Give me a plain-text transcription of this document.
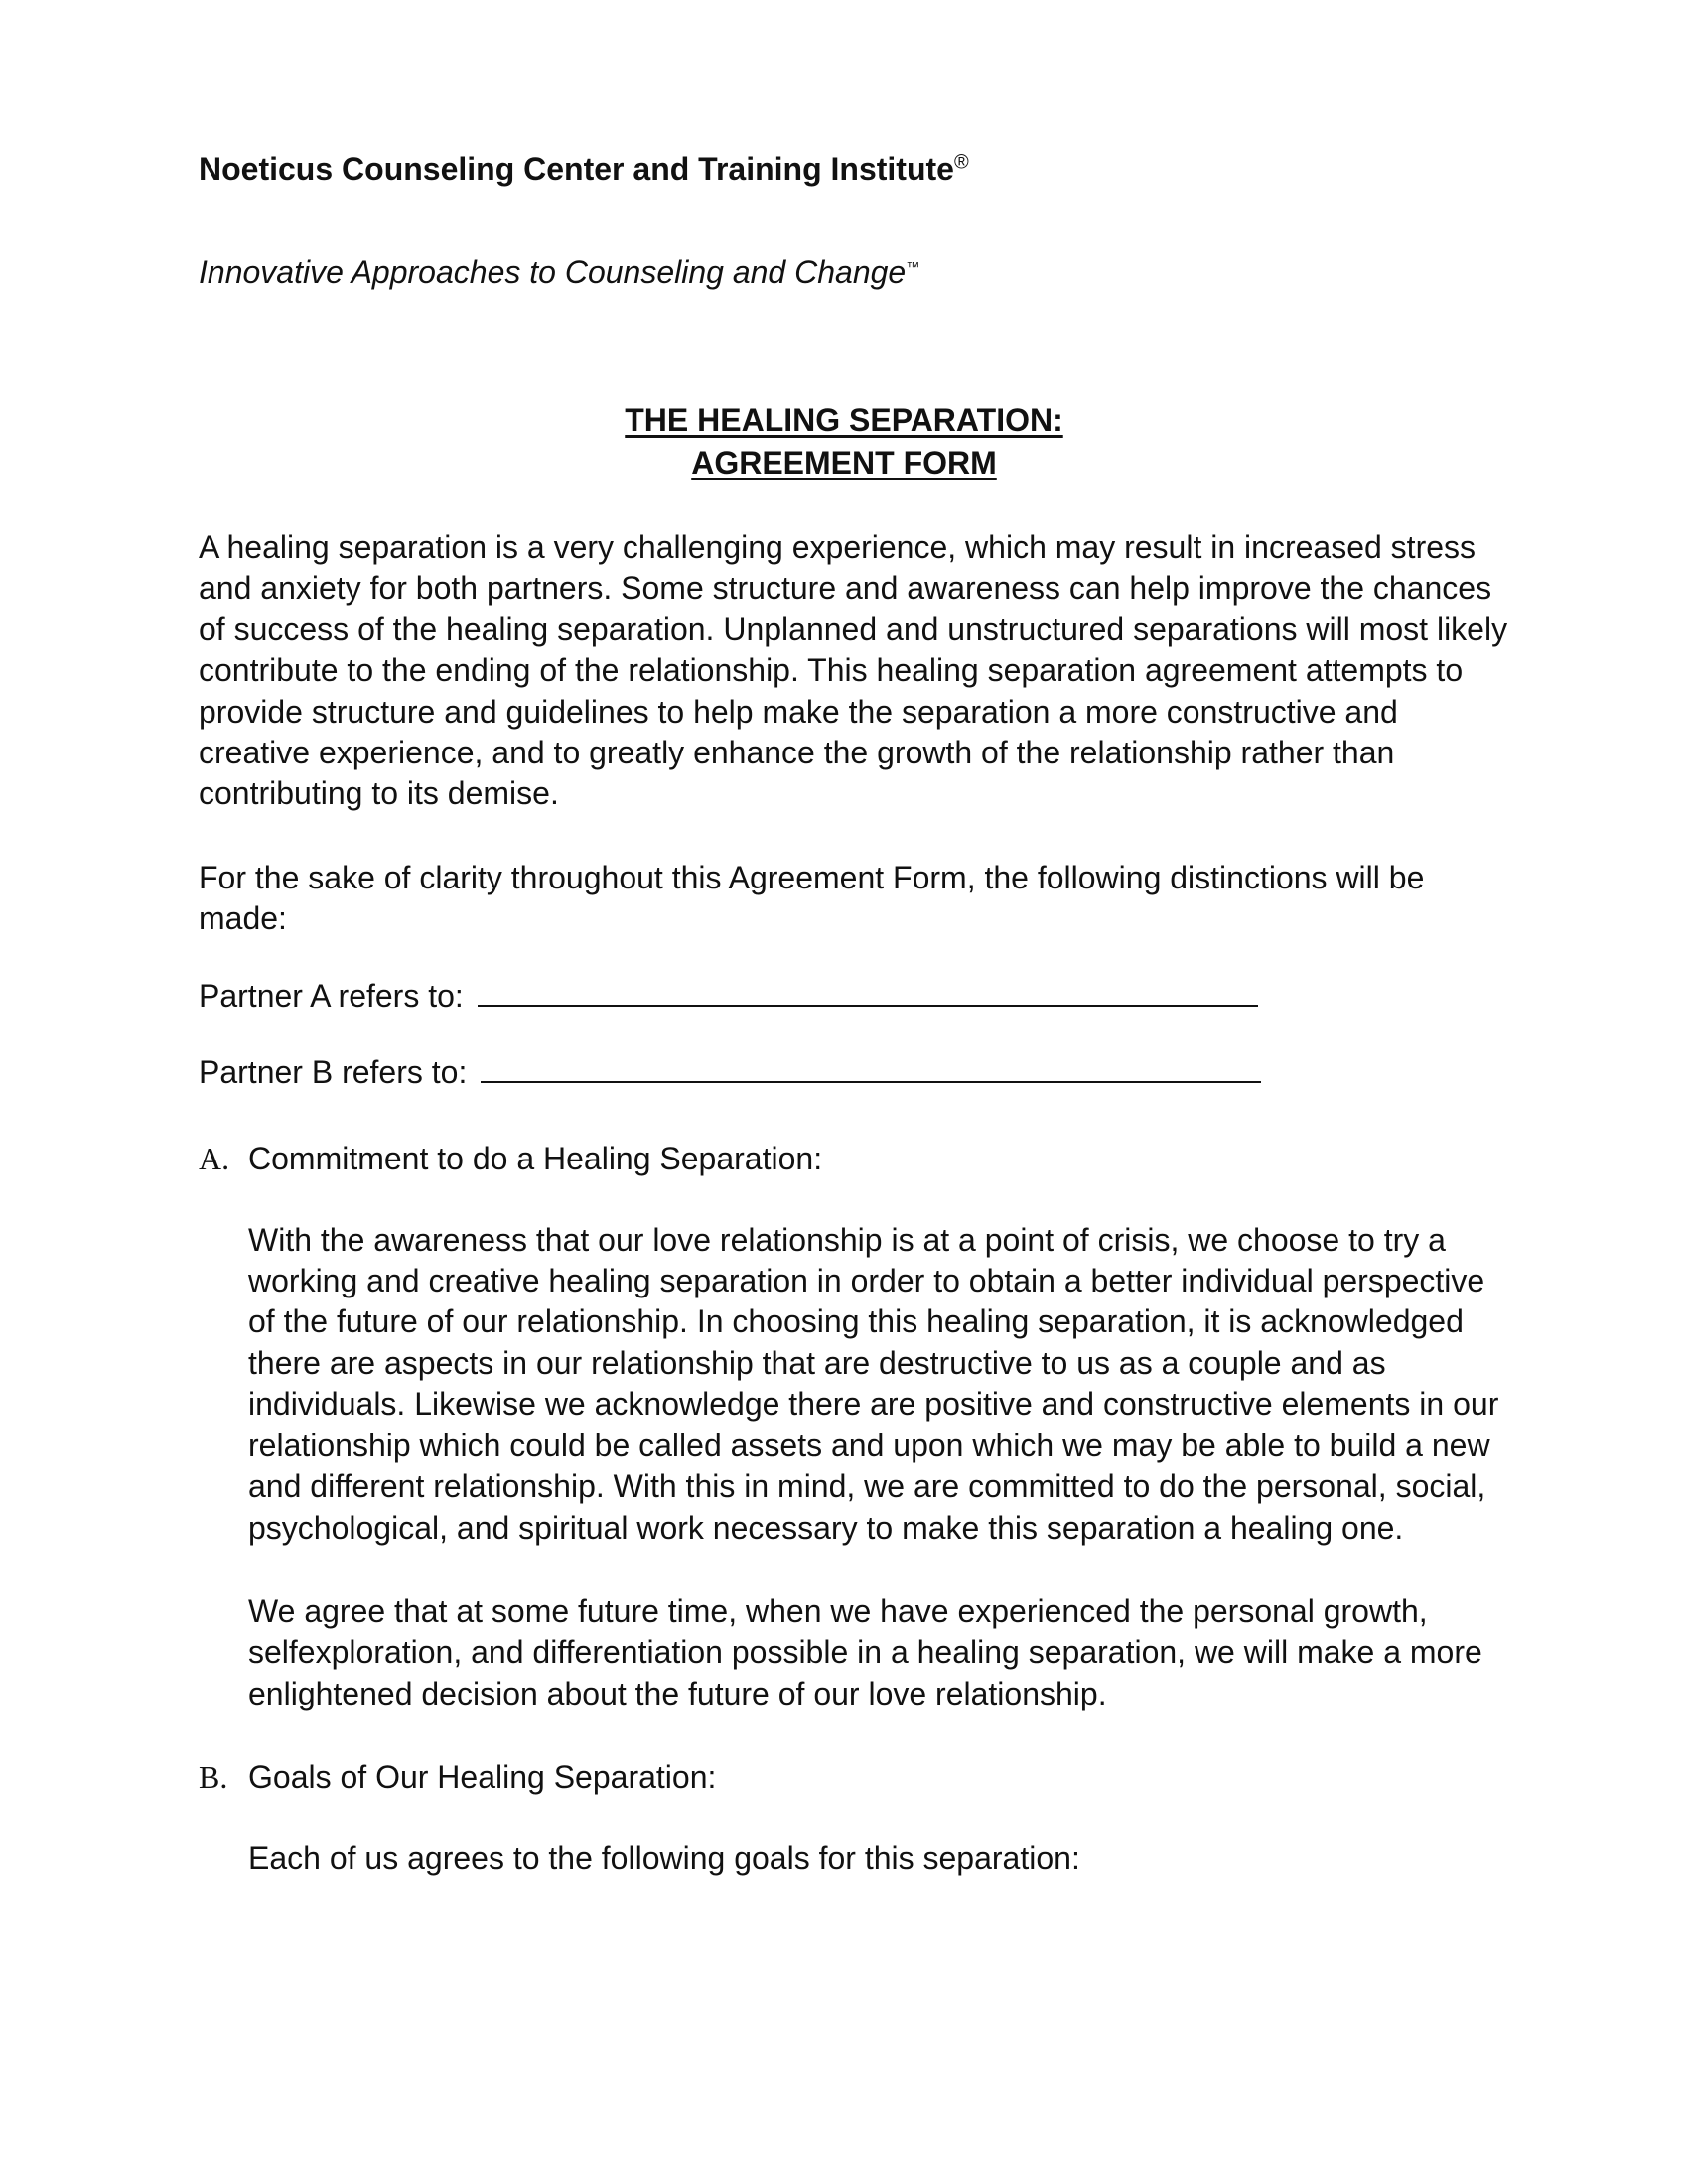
Noeticus Counseling Center and Training Institute®

Innovative Approaches to Counseling and Change™

THE HEALING SEPARATION:
AGREEMENT FORM

A healing separation is a very challenging experience, which may result in increased stress and anxiety for both partners. Some structure and awareness can help improve the chances of success of the healing separation. Unplanned and unstructured separations will most likely contribute to the ending of the relationship. This healing separation agreement attempts to provide structure and guidelines to help make the separation a more constructive and creative experience, and to greatly enhance the growth of the relationship rather than contributing to its demise.

For the sake of clarity throughout this Agreement Form, the following distinctions will be made:

Partner A refers to:
Partner B refers to:
A. Commitment to do a Healing Separation:

With the awareness that our love relationship is at a point of crisis, we choose to try a working and creative healing separation in order to obtain a better individual perspective of the future of our relationship. In choosing this healing separation, it is acknowledged there are aspects in our relationship that are destructive to us as a couple and as individuals. Likewise we acknowledge there are positive and constructive elements in our relationship which could be called assets and upon which we may be able to build a new and different relationship. With this in mind, we are committed to do the personal, social, psychological, and spiritual work necessary to make this separation a healing one.

We agree that at some future time, when we have experienced the personal growth, selfexploration, and differentiation possible in a healing separation, we will make a more enlightened decision about the future of our love relationship.

B. Goals of Our Healing Separation:

Each of us agrees to the following goals for this separation:
